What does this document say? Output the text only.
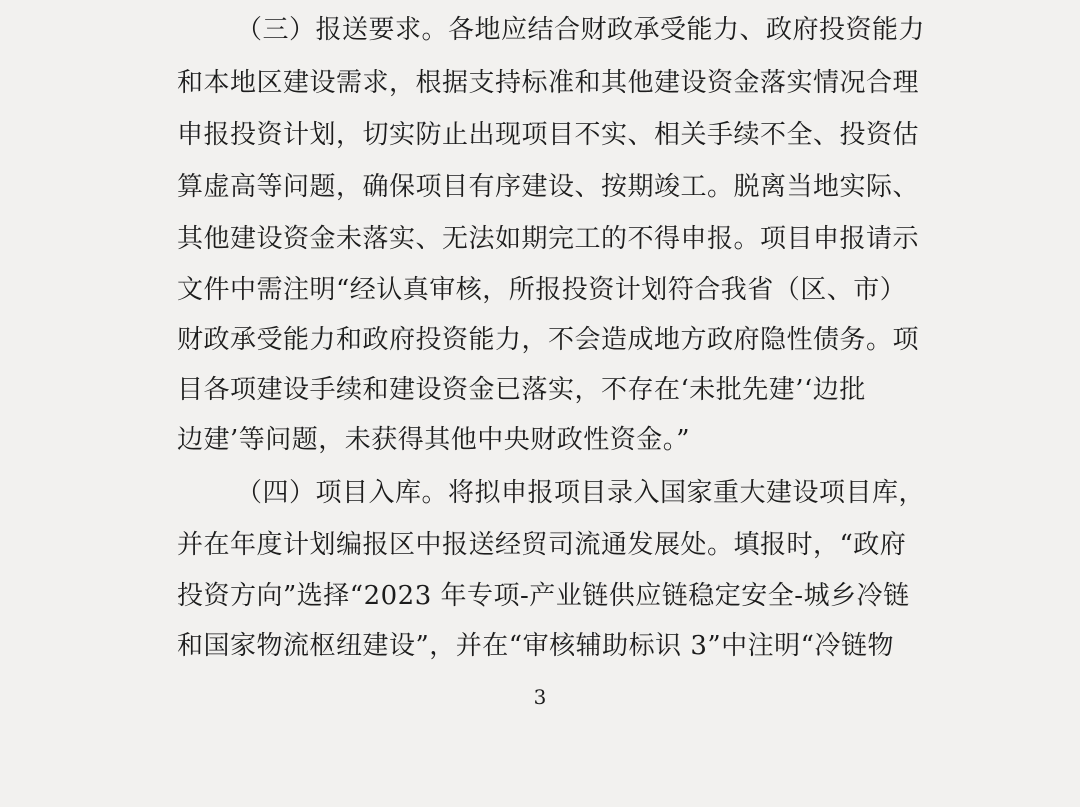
（三）报送要求。各地应结合财政承受能力、政府投资能力
和本地区建设需求，根据支持标准和其他建设资金落实情况合理
申报投资计划，切实防止出现项目不实、相关手续不全、投资估
算虚高等问题，确保项目有序建设、按期竣工。脱离当地实际、
其他建设资金未落实、无法如期完工的不得申报。项目申报请示
文件中需注明“经认真审核，所报投资计划符合我省（区、市）
财政承受能力和政府投资能力，不会造成地方政府隐性债务。项
目各项建设手续和建设资金已落实，不存在‘未批先建’‘边批
边建’等问题，未获得其他中央财政性资金。”
（四）项目入库。将拟申报项目录入国家重大建设项目库，
并在年度计划编报区中报送经贸司流通发展处。填报时，“政府
投资方向”选择“2023 年专项-产业链供应链稳定安全-城乡冷链
和国家物流枢纽建设”，并在“审核辅助标识 3”中注明“冷链物
3
